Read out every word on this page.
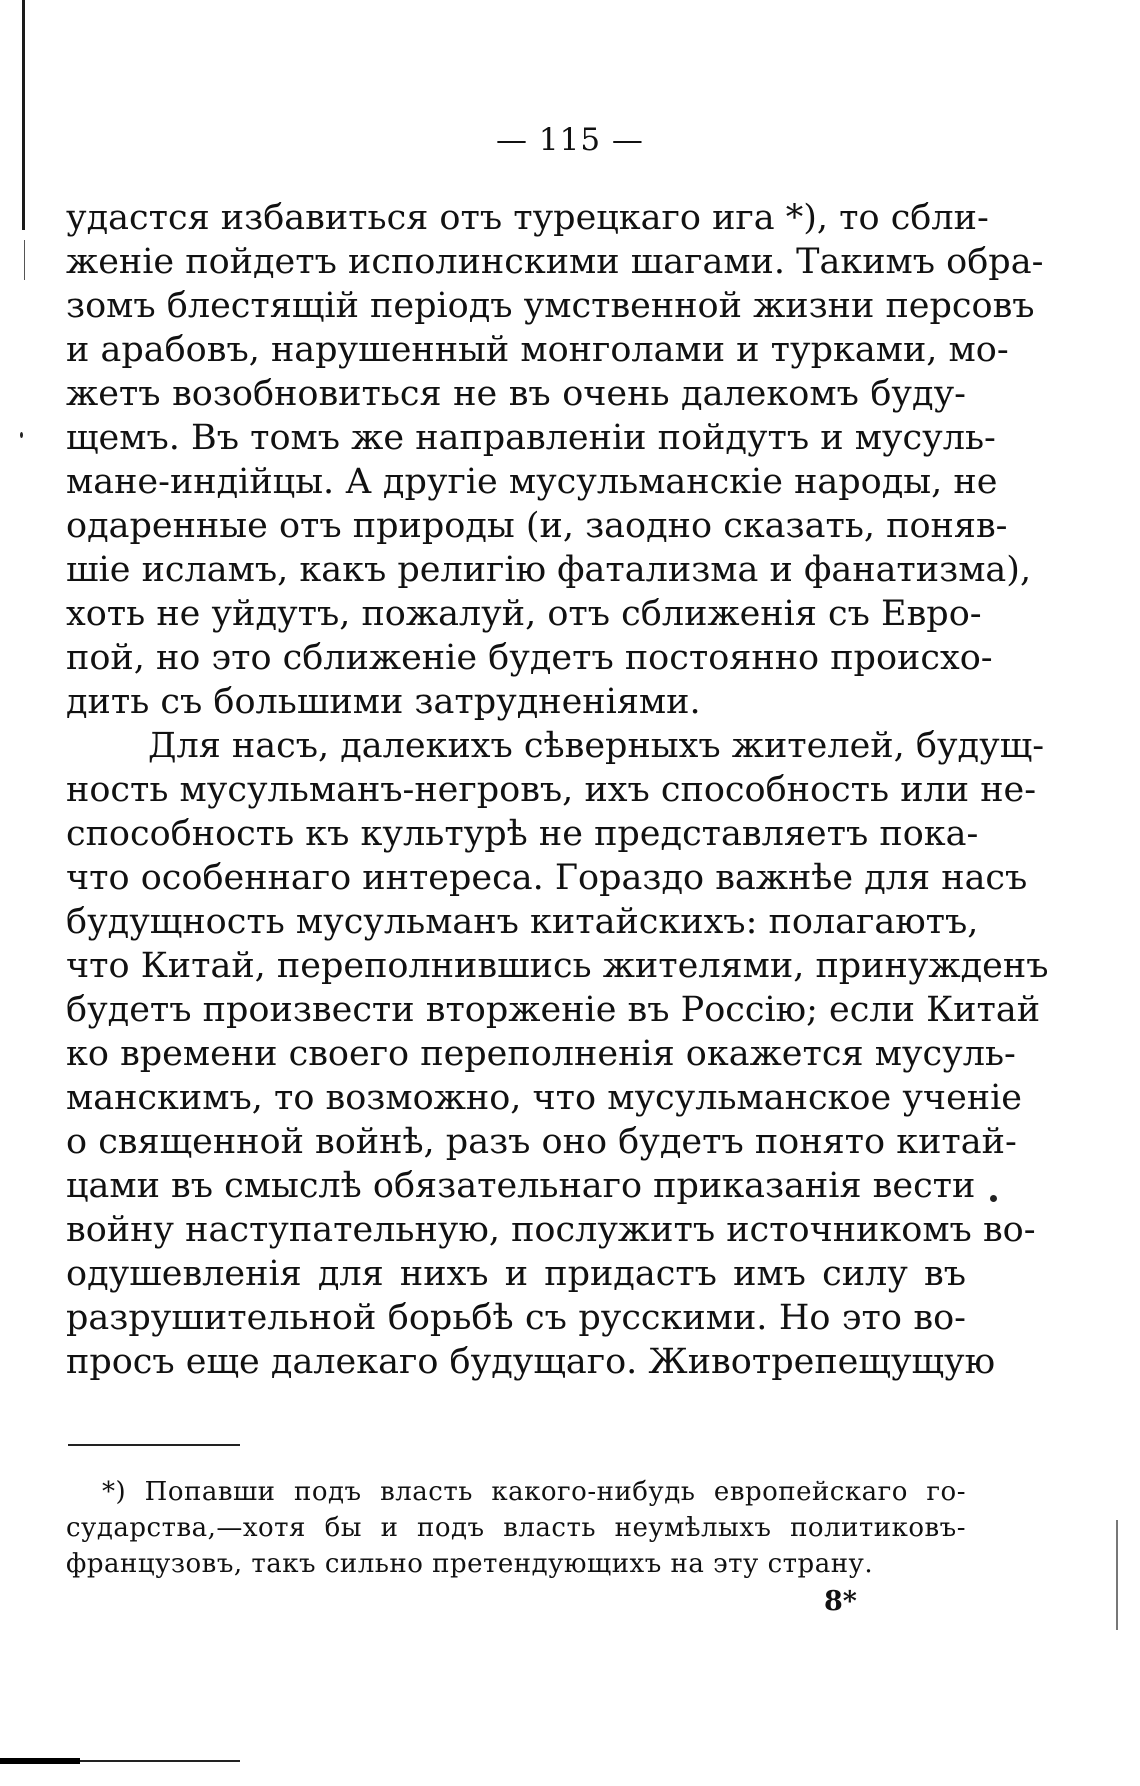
— 115 —
удастся избавиться отъ турецкаго ига *), то сбли-
женіе пойдетъ исполинскими шагами. Такимъ обра-
зомъ блестящій періодъ умственной жизни персовъ
и арабовъ, нарушенный монголами и турками, мо-
жетъ возобновиться не въ очень далекомъ буду-
щемъ. Въ томъ же направленіи пойдутъ и мусуль-
мане-индійцы. А другіе мусульманскіе народы, не
одаренные отъ природы (и, заодно сказать, поняв-
шіе исламъ, какъ религію фатализма и фанатизма),
хоть не уйдутъ, пожалуй, отъ сближенія съ Евро-
пой, но это сближеніе будетъ постоянно происхо-
дить съ большими затрудненіями.
Для насъ, далекихъ сѣверныхъ жителей, будущ-
ность мусульманъ-негровъ, ихъ способность или не-
способность къ культурѣ не представляетъ пока-
что особеннаго интереса. Гораздо важнѣе для насъ
будущность мусульманъ китайскихъ: полагаютъ,
что Китай, переполнившись жителями, принужденъ
будетъ произвести вторженіе въ Россію; если Китай
ко времени своего переполненія окажется мусуль-
манскимъ, то возможно, что мусульманское ученіе
о священной войнѣ, разъ оно будетъ понято китай-
цами въ смыслѣ обязательнаго приказанія вести
войну наступательную, послужитъ источникомъ во-
одушевленія для нихъ и придастъ имъ силу въ
разрушительной борьбѣ съ русскими. Но это во-
просъ еще далекаго будущаго. Животрепещущую
*) Попавши подъ власть какого-нибудь европейскаго го-
сударства,—хотя бы и подъ власть неумѣлыхъ политиковъ-
французовъ, такъ сильно претендующихъ на эту страну.
8*
